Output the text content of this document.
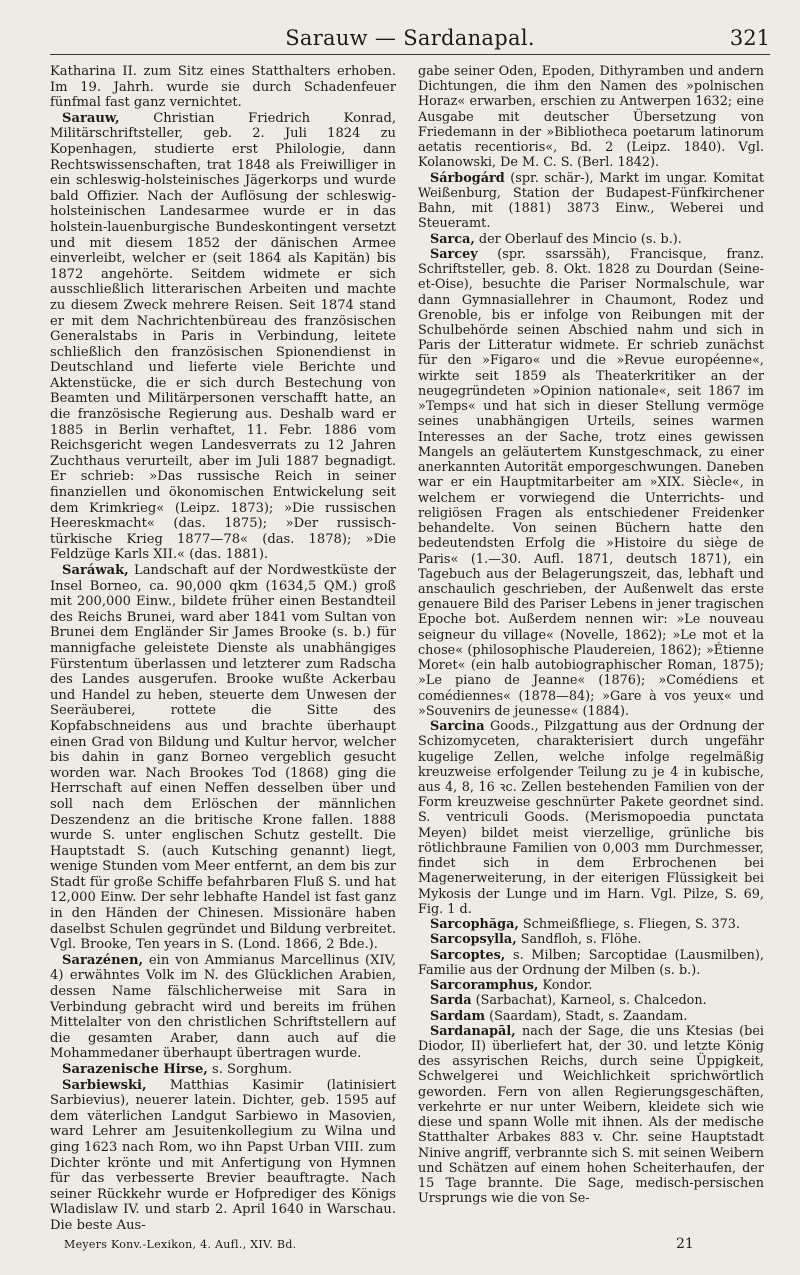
Sarauw — Sardanapal.	321

Katharina II. zum Sitz eines Statthalters erhoben. Im 19. Jahrh. wurde sie durch Schadenfeuer fünfmal fast ganz vernichtet.

Sarauw, Christian Friedrich Konrad, Militärschriftsteller, geb. 2. Juli 1824 zu Kopenhagen, studierte erst Philologie, dann Rechtswissenschaften, trat 1848 als Freiwilliger in ein schleswig-holsteinisches Jägerkorps und wurde bald Offizier. Nach der Auflösung der schleswig-holsteinischen Landesarmee wurde er in das holstein-lauenburgische Bundeskontingent versetzt und mit diesem 1852 der dänischen Armee einverleibt, welcher er (seit 1864 als Kapitän) bis 1872 angehörte. Seitdem widmete er sich ausschließlich litterarischen Arbeiten und machte zu diesem Zweck mehrere Reisen. Seit 1874 stand er mit dem Nachrichtenbüreau des französischen Generalstabs in Paris in Verbindung, leitete schließlich den französischen Spionendienst in Deutschland und lieferte viele Berichte und Aktenstücke, die er sich durch Bestechung von Beamten und Militärpersonen verschafft hatte, an die französische Regierung aus. Deshalb ward er 1885 in Berlin verhaftet, 11. Febr. 1886 vom Reichsgericht wegen Landesverrats zu 12 Jahren Zuchthaus verurteilt, aber im Juli 1887 begnadigt. Er schrieb: »Das russische Reich in seiner finanziellen und ökonomischen Entwickelung seit dem Krimkrieg« (Leipz. 1873); »Die russischen Heereskmacht« (das. 1875); »Der russisch-türkische Krieg 1877—78« (das. 1878); »Die Feldzüge Karls XII.« (das. 1881).

Saráwak, Landschaft auf der Nordwestküste der Insel Borneo, ca. 90,000 qkm (1634,5 QM.) groß mit 200,000 Einw., bildete früher einen Bestandteil des Reichs Brunei, ward aber 1841 vom Sultan von Brunei dem Engländer Sir James Brooke (s. b.) für mannigfache geleistete Dienste als unabhängiges Fürstentum überlassen und letzterer zum Radscha des Landes ausgerufen. Brooke wußte Ackerbau und Handel zu heben, steuerte dem Unwesen der Seeräuberei, rottete die Sitte des Kopfabschneidens aus und brachte überhaupt einen Grad von Bildung und Kultur hervor, welcher bis dahin in ganz Borneo vergeblich gesucht worden war. Nach Brookes Tod (1868) ging die Herrschaft auf einen Neffen desselben über und soll nach dem Erlöschen der männlichen Deszendenz an die britische Krone fallen. 1888 wurde S. unter englischen Schutz gestellt. Die Hauptstadt S. (auch Kutsching genannt) liegt, wenige Stunden vom Meer entfernt, an dem bis zur Stadt für große Schiffe befahrbaren Fluß S. und hat 12,000 Einw. Der sehr lebhafte Handel ist fast ganz in den Händen der Chinesen. Missionäre haben daselbst Schulen gegründet und Bildung verbreitet. Vgl. Brooke, Ten years in S. (Lond. 1866, 2 Bde.).

Sarazénen, ein von Ammianus Marcellinus (XIV, 4) erwähntes Volk im N. des Glücklichen Arabien, dessen Name fälschlicherweise mit Sara in Verbindung gebracht wird und bereits im frühen Mittelalter von den christlichen Schriftstellern auf die gesamten Araber, dann auch auf die Mohammedaner überhaupt übertragen wurde.

Sarazenische Hirse, s. Sorghum.

Sarbiewski, Matthias Kasimir (latinisiert Sarbievius), neuerer latein. Dichter, geb. 1595 auf dem väterlichen Landgut Sarbiewo in Masovien, ward Lehrer am Jesuitenkollegium zu Wilna und ging 1623 nach Rom, wo ihn Papst Urban VIII. zum Dichter krönte und mit Anfertigung von Hymnen für das verbesserte Brevier beauftragte. Nach seiner Rückkehr wurde er Hofprediger des Königs Wladislaw IV. und starb 2. April 1640 in Warschau. Die beste Aus-

gabe seiner Oden, Epoden, Dithyramben und andern Dichtungen, die ihm den Namen des »polnischen Horaz« erwarben, erschien zu Antwerpen 1632; eine Ausgabe mit deutscher Übersetzung von Friedemann in der »Bibliotheca poetarum latinorum aetatis recentioris«, Bd. 2 (Leipz. 1840). Vgl. Kolanowski, De M. C. S. (Berl. 1842).

Sárbogárd (spr. schär-), Markt im ungar. Komitat Weißenburg, Station der Budapest-Fünfkirchener Bahn, mit (1881) 3873 Einw., Weberei und Steueramt.

Sarca, der Oberlauf des Mincio (s. b.).

Sarcey (spr. ssarssäh), Francisque, franz. Schriftsteller, geb. 8. Okt. 1828 zu Dourdan (Seine-et-Oise), besuchte die Pariser Normalschule, war dann Gymnasiallehrer in Chaumont, Rodez und Grenoble, bis er infolge von Reibungen mit der Schulbehörde seinen Abschied nahm und sich in Paris der Litteratur widmete. Er schrieb zunächst für den »Figaro« und die »Revue européenne«, wirkte seit 1859 als Theaterkritiker an der neugegründeten »Opinion nationale«, seit 1867 im »Temps« und hat sich in dieser Stellung vermöge seines unabhängigen Urteils, seines warmen Interesses an der Sache, trotz eines gewissen Mangels an geläutertem Kunstgeschmack, zu einer anerkannten Autorität emporgeschwungen. Daneben war er ein Hauptmitarbeiter am »XIX. Siècle«, in welchem er vorwiegend die Unterrichts- und religiösen Fragen als entschiedener Freidenker behandelte. Von seinen Büchern hatte den bedeutendsten Erfolg die »Histoire du siège de Paris« (1.—30. Aufl. 1871, deutsch 1871), ein Tagebuch aus der Belagerungszeit, das, lebhaft und anschaulich geschrieben, der Außenwelt das erste genauere Bild des Pariser Lebens in jener tragischen Epoche bot. Außerdem nennen wir: »Le nouveau seigneur du village« (Novelle, 1862); »Le mot et la chose« (philosophische Plaudereien, 1862); »Étienne Moret« (ein halb autobiographischer Roman, 1875); »Le piano de Jeanne« (1876); »Comédiens et comédiennes« (1878—84); »Gare à vos yeux« und »Souvenirs de jeunesse« (1884).

Sarcina Goods., Pilzgattung aus der Ordnung der Schizomyceten, charakterisiert durch ungefähr kugelige Zellen, welche infolge regelmäßig kreuzweise erfolgender Teilung zu je 4 in kubische, aus 4, 8, 16 ꝛc. Zellen bestehenden Familien von der Form kreuzweise geschnürter Pakete geordnet sind. S. ventriculi Goods. (Merismopoedia punctata Meyen) bildet meist vierzellige, grünliche bis rötlichbraune Familien von 0,003 mm Durchmesser, findet sich in dem Erbrochenen bei Magenerweiterung, in der eiterigen Flüssigkeit bei Mykosis der Lunge und im Harn. Vgl. Pilze, S. 69, Fig. 1 d.

Sarcophăga, Schmeißfliege, s. Fliegen, S. 373.

Sarcopsylla, Sandfloh, s. Flöhe.

Sarcoptes, s. Milben; Sarcoptidae (Lausmilben), Familie aus der Ordnung der Milben (s. b.).

Sarcoramphus, Kondor.

Sarda (Sarbachat), Karneol, s. Chalcedon.

Sardam (Saardam), Stadt, s. Zaandam.

Sardanapāl, nach der Sage, die uns Ktesias (bei Diodor, II) überliefert hat, der 30. und letzte König des assyrischen Reichs, durch seine Üppigkeit, Schwelgerei und Weichlichkeit sprichwörtlich geworden. Fern von allen Regierungsgeschäften, verkehrte er nur unter Weibern, kleidete sich wie diese und spann Wolle mit ihnen. Als der medische Statthalter Arbakes 883 v. Chr. seine Hauptstadt Ninive angriff, verbrannte sich S. mit seinen Weibern und Schätzen auf einem hohen Scheiterhaufen, der 15 Tage brannte. Die Sage, medisch-persischen Ursprungs wie die von Se-

Meyers Konv.-Lexikon, 4. Aufl., XIV. Bd.	21
